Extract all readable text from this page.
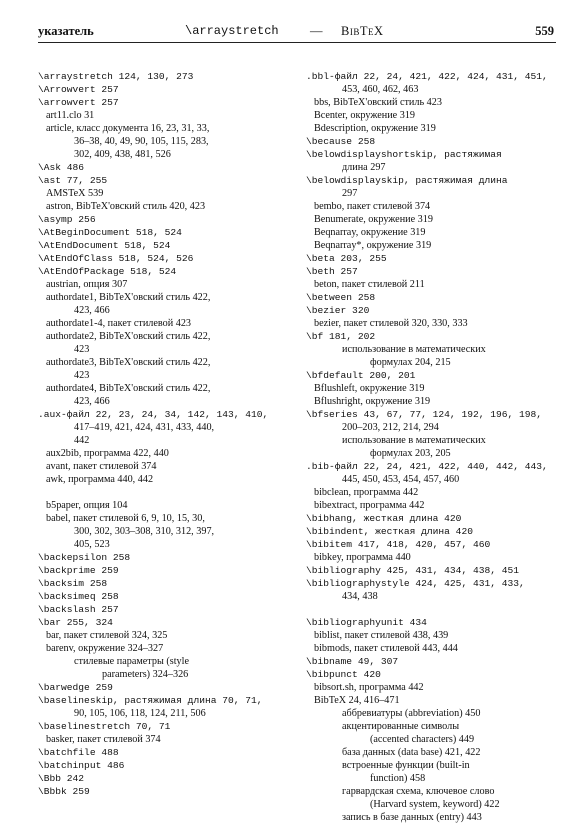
указатель	\arraystretch	— BibTeX	559
\arraystretch 124, 130, 273
\Arrowvert 257
\arrowvert 257
art11.clo 31
article, класс документа 16, 23, 31, 33,
36–38, 40, 49, 90, 105, 115, 283,
302, 409, 438, 481, 526
\Ask 486
\ast 77, 255
AMSTeX 539
astron, BibTeX'овский стиль 420, 423
\asymp 256
\AtBeginDocument 518, 524
\AtEndDocument 518, 524
\AtEndOfClass 518, 524, 526
\AtEndOfPackage 518, 524
austrian, опция 307
authordate1, BibTeX'овский стиль 422,
423, 466
authordate1-4, пакет стилевой 423
authordate2, BibTeX'овский стиль 422,
423
authordate3, BibTeX'овский стиль 422,
423
authordate4, BibTeX'овский стиль 422,
423, 466
.aux-файл 22, 23, 24, 34, 142, 143, 410,
417–419, 421, 424, 431, 433, 440,
442
aux2bib, программа 422, 440
avant, пакет стилевой 374
awk, программа 440, 442
b5paper, опция 104
babel, пакет стилевой 6, 9, 10, 15, 30,
300, 302, 303–308, 310, 312, 397,
405, 523
\backepsilon 258
\backprime 259
\backsim 258
\backsimeq 258
\backslash 257
\bar 255, 324
bar, пакет стилевой 324, 325
barenv, окружение 324–327
стилевые параметры (style
parameters) 324–326
\barwedge 259
\baselineskip, растяжимая длина 70, 71,
90, 105, 106, 118, 124, 211, 506
\baselinestretch 70, 71
basker, пакет стилевой 374
\batchfile 488
\batchinput 486
\Bbb 242
\Bbbk 259
.bbl-файл 22, 24, 421, 422, 424, 431, 451,
453, 460, 462, 463
bbs, BibTeX'овский стиль 423
Bcenter, окружение 319
Bdescription, окружение 319
\because 258
\belowdisplayshortskip, растяжимая
длина 297
\belowdisplayskip, растяжимая длина
297
bembo, пакет стилевой 374
Benumerate, окружение 319
Beqnarray, окружение 319
Beqnarray*, окружение 319
\beta 203, 255
\beth 257
beton, пакет стилевой 211
\between 258
\bezier 320
bezier, пакет стилевой 320, 330, 333
\bf 181, 202
использование в математических
формулах 204, 215
\bfdefault 200, 201
Bflushleft, окружение 319
Bflushright, окружение 319
\bfseries 43, 67, 77, 124, 192, 196, 198,
200–203, 212, 214, 294
использование в математических
формулах 203, 205
.bib-файл 22, 24, 421, 422, 440, 442, 443,
445, 450, 453, 454, 457, 460
bibclean, программа 442
bibextract, программа 442
\bibhang, жесткая длина 420
\bibindent, жесткая длина 420
\bibitem 417, 418, 420, 457, 460
bibkey, программа 440
\bibliography 425, 431, 434, 438, 451
\bibliographystyle 424, 425, 431, 433,
434, 438
\bibliographyunit 434
biblist, пакет стилевой 438, 439
bibmods, пакет стилевой 443, 444
\bibname 49, 307
\bibpunct 420
bibsort.sh, программа 442
BibTeX 24, 416–471
аббревиатуры (abbreviation) 450
акцентированные символы
(accented characters) 449
база данных (data base) 421, 422
встроенные функции (built-in
function) 458
гарвардская схема, ключевое слово
(Harvard system, keyword) 422
запись в базе данных (entry) 443
